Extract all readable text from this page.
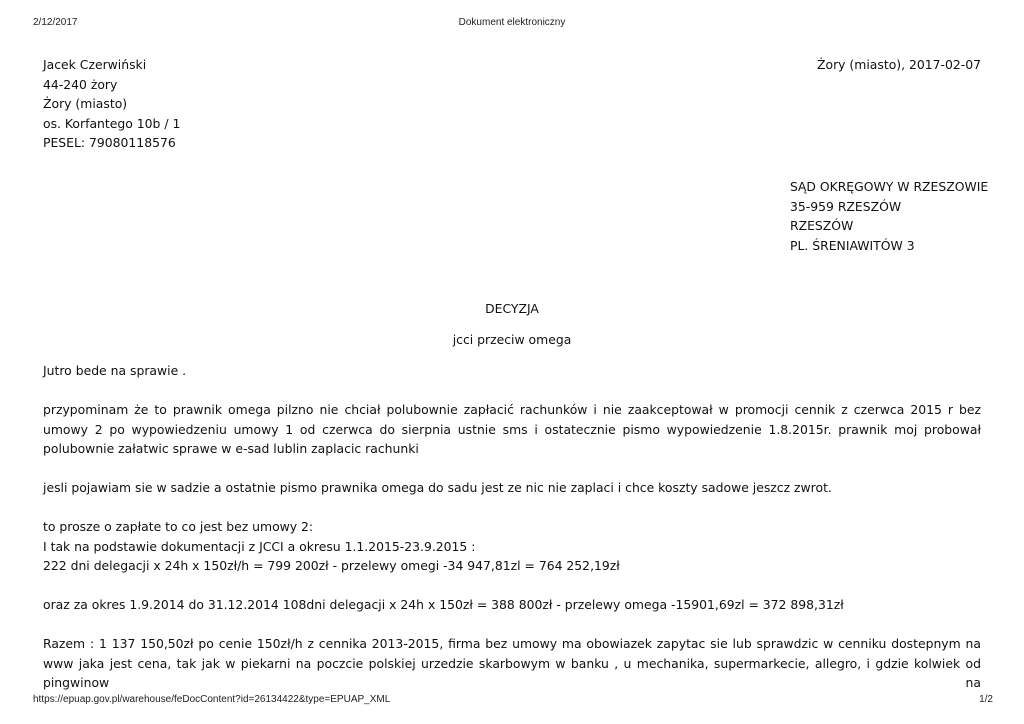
2/12/2017	Dokument elektroniczny
Jacek Czerwiński
44-240 żory
Żory (miasto)
os. Korfantego 10b / 1
PESEL: 79080118576
Żory (miasto), 2017-02-07
SĄD OKRĘGOWY W RZESZOWIE
35-959 RZESZÓW
RZESZÓW
PL. ŚRENIAWITÓW 3
DECYZJA
jcci przeciw omega
Jutro bede na sprawie .
przypominam że to prawnik omega pilzno nie chciał polubownie zapłacić rachunków i nie zaakceptował w promocji cennik z czerwca 2015 r bez umowy 2 po wypowiedzeniu umowy 1 od czerwca do sierpnia ustnie sms i ostatecznie pismo wypowiedzenie 1.8.2015r. prawnik moj probował polubownie załatwic sprawe w e-sad lublin zaplacic rachunki
jesli pojawiam sie w sadzie a ostatnie pismo prawnika omega do sadu jest ze nic nie zaplaci i chce koszty sadowe jeszcz zwrot.
to prosze o zapłate to co jest bez umowy 2:
I tak na podstawie dokumentacji z JCCI a okresu 1.1.2015-23.9.2015 :
222 dni delegacji x 24h x 150zł/h = 799 200zł - przelewy omegi -34 947,81zl = 764 252,19zł
oraz za okres 1.9.2014 do 31.12.2014 108dni delegacji x 24h x 150zł = 388 800zł - przelewy omega -15901,69zl = 372 898,31zł
Razem : 1 137 150,50zł po cenie 150zł/h z cennika 2013-2015, firma bez umowy ma obowiazek zapytac sie lub sprawdzic w cenniku dostepnym na www jaka jest cena, tak jak w piekarni na poczcie polskiej urzedzie skarbowym w banku , u mechanika, supermarkecie, allegro, i gdzie kolwiek od pingwinow na
https://epuap.gov.pl/warehouse/feDocContent?id=26134422&type=EPUAP_XML	1/2
